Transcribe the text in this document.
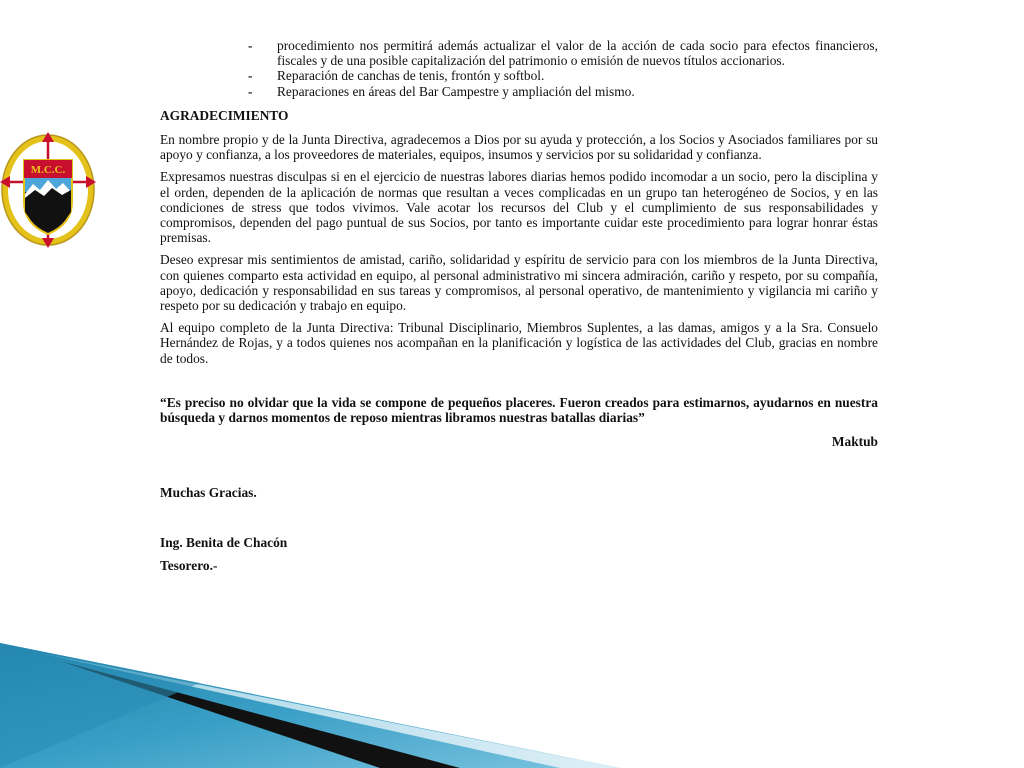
M.C.C.
- procedimiento nos permitirá además actualizar el valor de la acción de cada socio para efectos financieros, fiscales y de una posible capitalización del patrimonio o emisión de nuevos títulos accionarios.
- Reparación de canchas de tenis, frontón y softbol.
- Reparaciones en áreas del Bar Campestre y ampliación del mismo.
AGRADECIMIENTO

En nombre propio y de la Junta Directiva, agradecemos a Dios por su ayuda y protección, a los Socios y Asociados familiares por su apoyo y confianza, a los proveedores de materiales, equipos, insumos y servicios por su solidaridad y confianza.

Expresamos nuestras disculpas si en el ejercicio de nuestras labores diarias hemos podido incomodar a un socio, pero la disciplina y el orden, dependen de la aplicación de normas que resultan a veces complicadas en un grupo tan heterogéneo de Socios, y en las condiciones de stress que todos vivimos. Vale acotar los recursos del Club y el cumplimiento de sus responsabilidades y compromisos, dependen del pago puntual de sus Socios, por tanto es importante cuidar este procedimiento para lograr honrar éstas premisas.

Deseo expresar mis sentimientos de amistad, cariño, solidaridad y espíritu de servicio para con los miembros de la Junta Directiva, con quienes comparto esta actividad en equipo, al personal administrativo mi sincera admiración, cariño y respeto, por su compañía, apoyo, dedicación y responsabilidad en sus tareas y compromisos, al personal operativo, de mantenimiento y vigilancia mi cariño y respeto por su dedicación y trabajo en equipo.

Al equipo completo de la Junta Directiva: Tribunal Disciplinario, Miembros Suplentes, a las damas, amigos y a la Sra. Consuelo Hernández de Rojas, y a todos quienes nos acompañan en la planificación y logística de las actividades del Club, gracias en nombre de todos.

“Es preciso no olvidar que la vida se compone de pequeños placeres. Fueron creados para estimarnos, ayudarnos en nuestra búsqueda y darnos momentos de reposo mientras libramos nuestras batallas diarias”

Maktub

Muchas Gracias.

Ing. Benita de Chacón

Tesorero.-
